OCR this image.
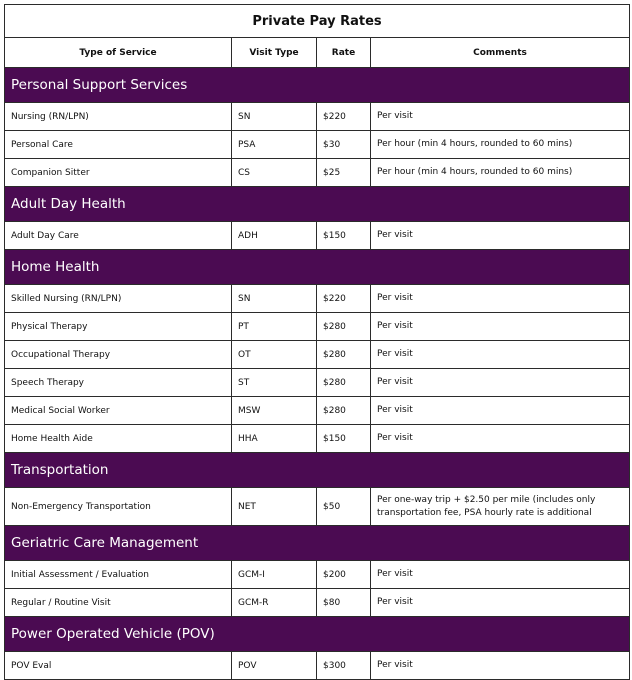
Private Pay Rates			
Type of Service	Visit Type	Rate	Comments
Personal Support Services			
Nursing (RN/LPN)	SN	$220	Per visit
Personal Care	PSA	$30	Per hour (min 4 hours, rounded to 60 mins)
Companion Sitter	CS	$25	Per hour (min 4 hours, rounded to 60 mins)
Adult Day Health			
Adult Day Care	ADH	$150	Per visit
Home Health			
Skilled Nursing (RN/LPN)	SN	$220	Per visit
Physical Therapy	PT	$280	Per visit
Occupational Therapy	OT	$280	Per visit
Speech Therapy	ST	$280	Per visit
Medical Social Worker	MSW	$280	Per visit
Home Health Aide	HHA	$150	Per visit
Transportation			
Non-Emergency Transportation	NET	$50	Per one-way trip + $2.50 per mile (includes only transportation fee, PSA hourly rate is additional
Geriatric Care Management			
Initial Assessment / Evaluation	GCM-I	$200	Per visit
Regular / Routine Visit	GCM-R	$80	Per visit
Power Operated Vehicle (POV)			
POV Eval	POV	$300	Per visit
